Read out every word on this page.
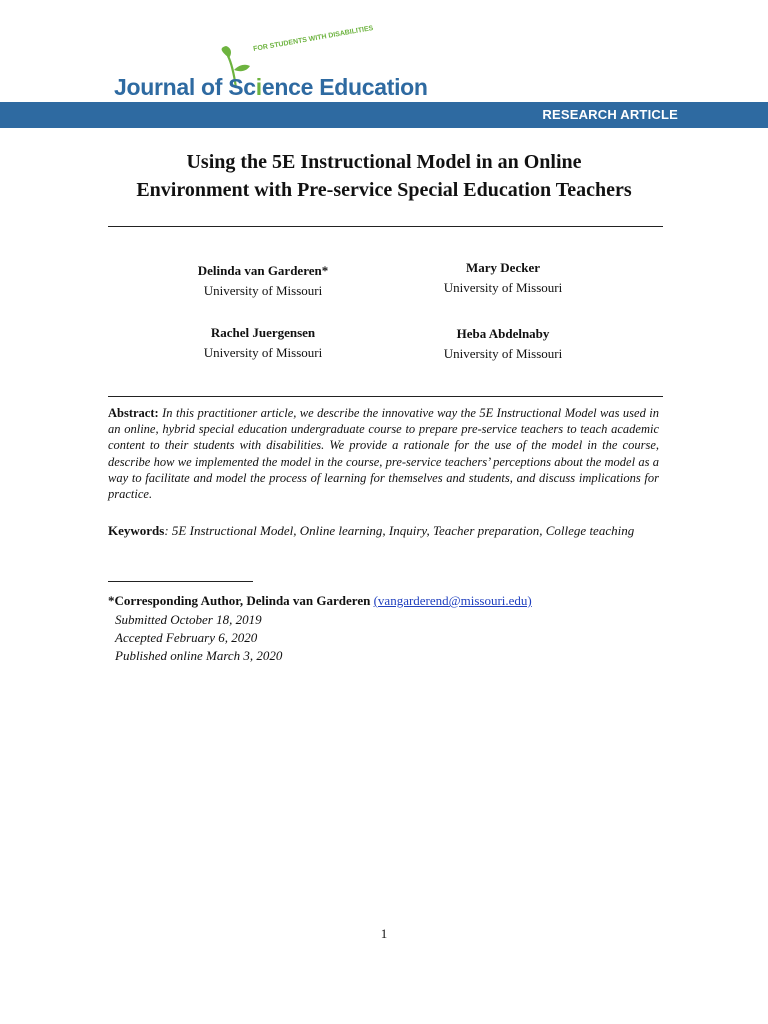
FOR STUDENTS WITH DISABILITIES
Journal of Science Education
RESEARCH ARTICLE
Using the 5E Instructional Model in an Online
Environment with Pre-service Special Education Teachers
Delinda van Garderen*
University of Missouri
Mary Decker
University of Missouri
Rachel Juergensen
University of Missouri
Heba Abdelnaby
University of Missouri
Abstract: In this practitioner article, we describe the innovative way the 5E Instructional Model was used in an online, hybrid special education undergraduate course to prepare pre-service teachers to teach academic content to their students with disabilities. We provide a rationale for the use of the model in the course, describe how we implemented the model in the course, pre-service teachers’ perceptions about the model as a way to facilitate and model the process of learning for themselves and students, and discuss implications for practice.
Keywords: 5E Instructional Model, Online learning, Inquiry, Teacher preparation, College teaching
*Corresponding Author, Delinda van Garderen (vangarderend@missouri.edu)
Submitted October 18, 2019
Accepted February 6, 2020
Published online March 3, 2020
1
